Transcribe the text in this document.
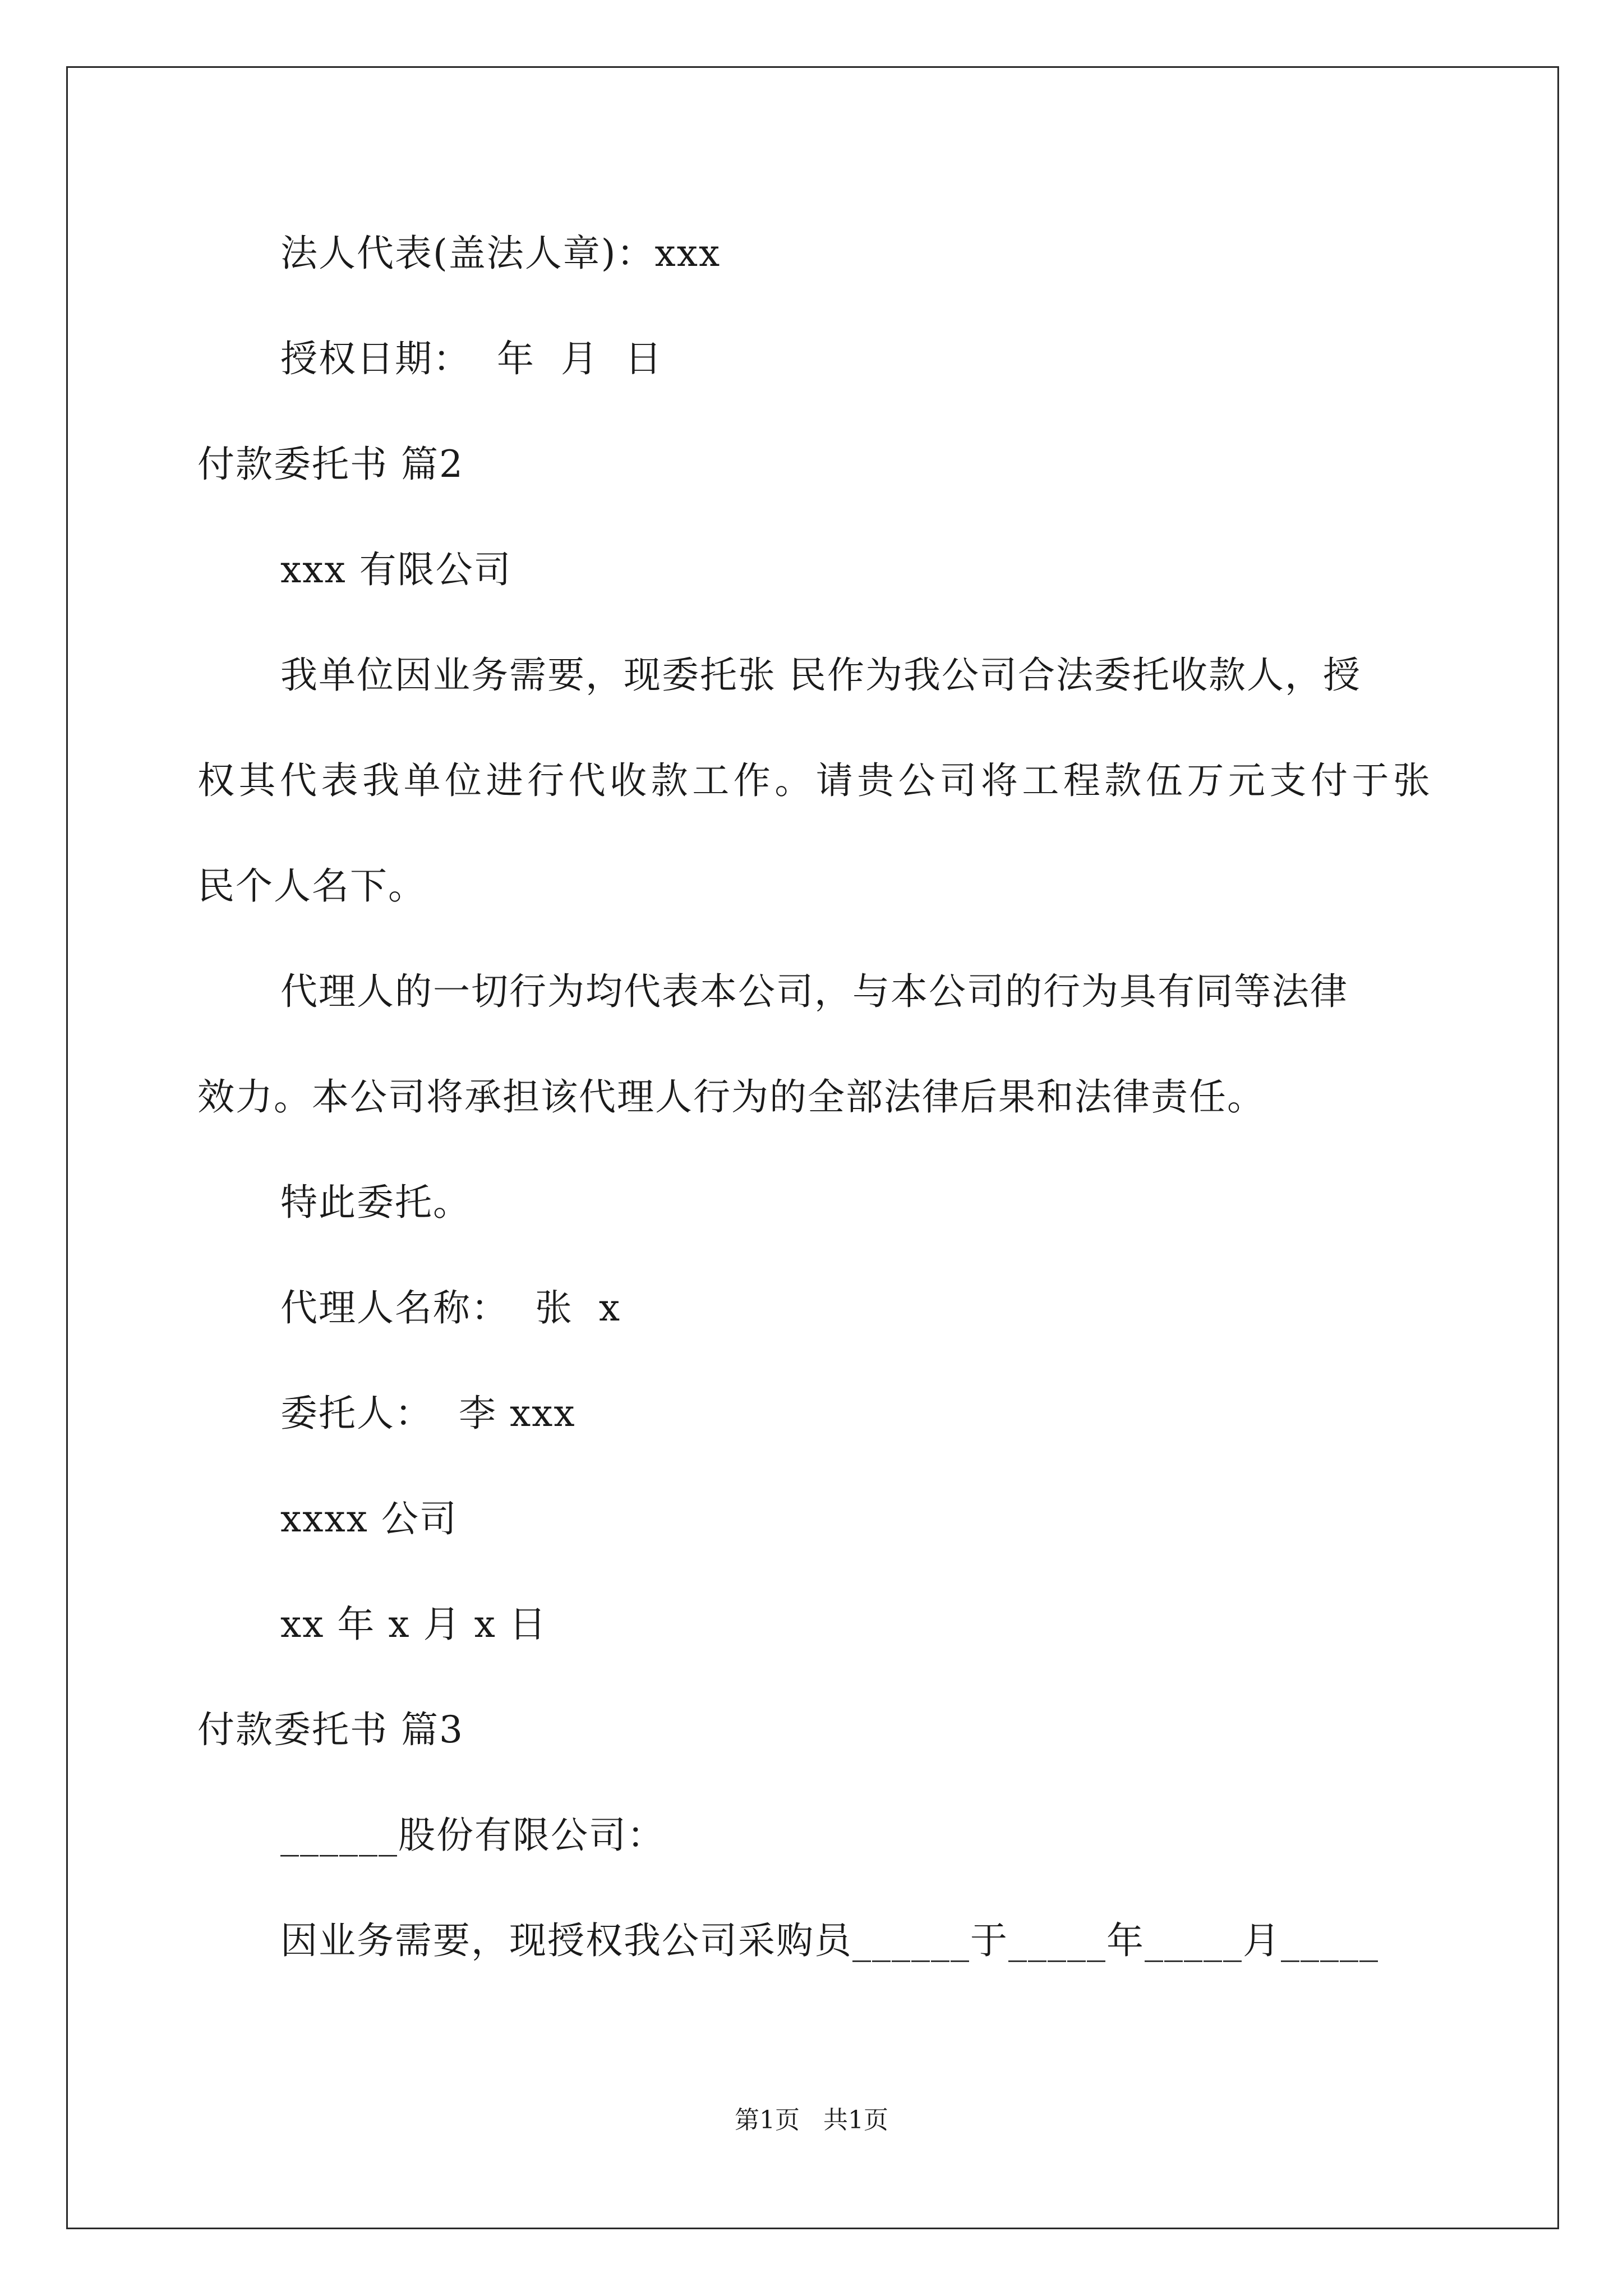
法人代表(盖法人章)：xxx
授权日期：  年  月  日
付款委托书 篇2
xxx 有限公司
我单位因业务需要，现委托张 民作为我公司合法委托收款人，授
权其代表我单位进行代收款工作。请贵公司将工程款伍万元支付于张
民个人名下。
代理人的一切行为均代表本公司，与本公司的行为具有同等法律
效力。本公司将承担该代理人行为的全部法律后果和法律责任。
特此委托。
代理人名称：  张  x
委托人：  李 xxx
xxxx 公司
xx 年 x 月 x 日
付款委托书 篇3
______股份有限公司：
因业务需要，现授权我公司采购员______于_____年_____月_____
第1页   共1页
